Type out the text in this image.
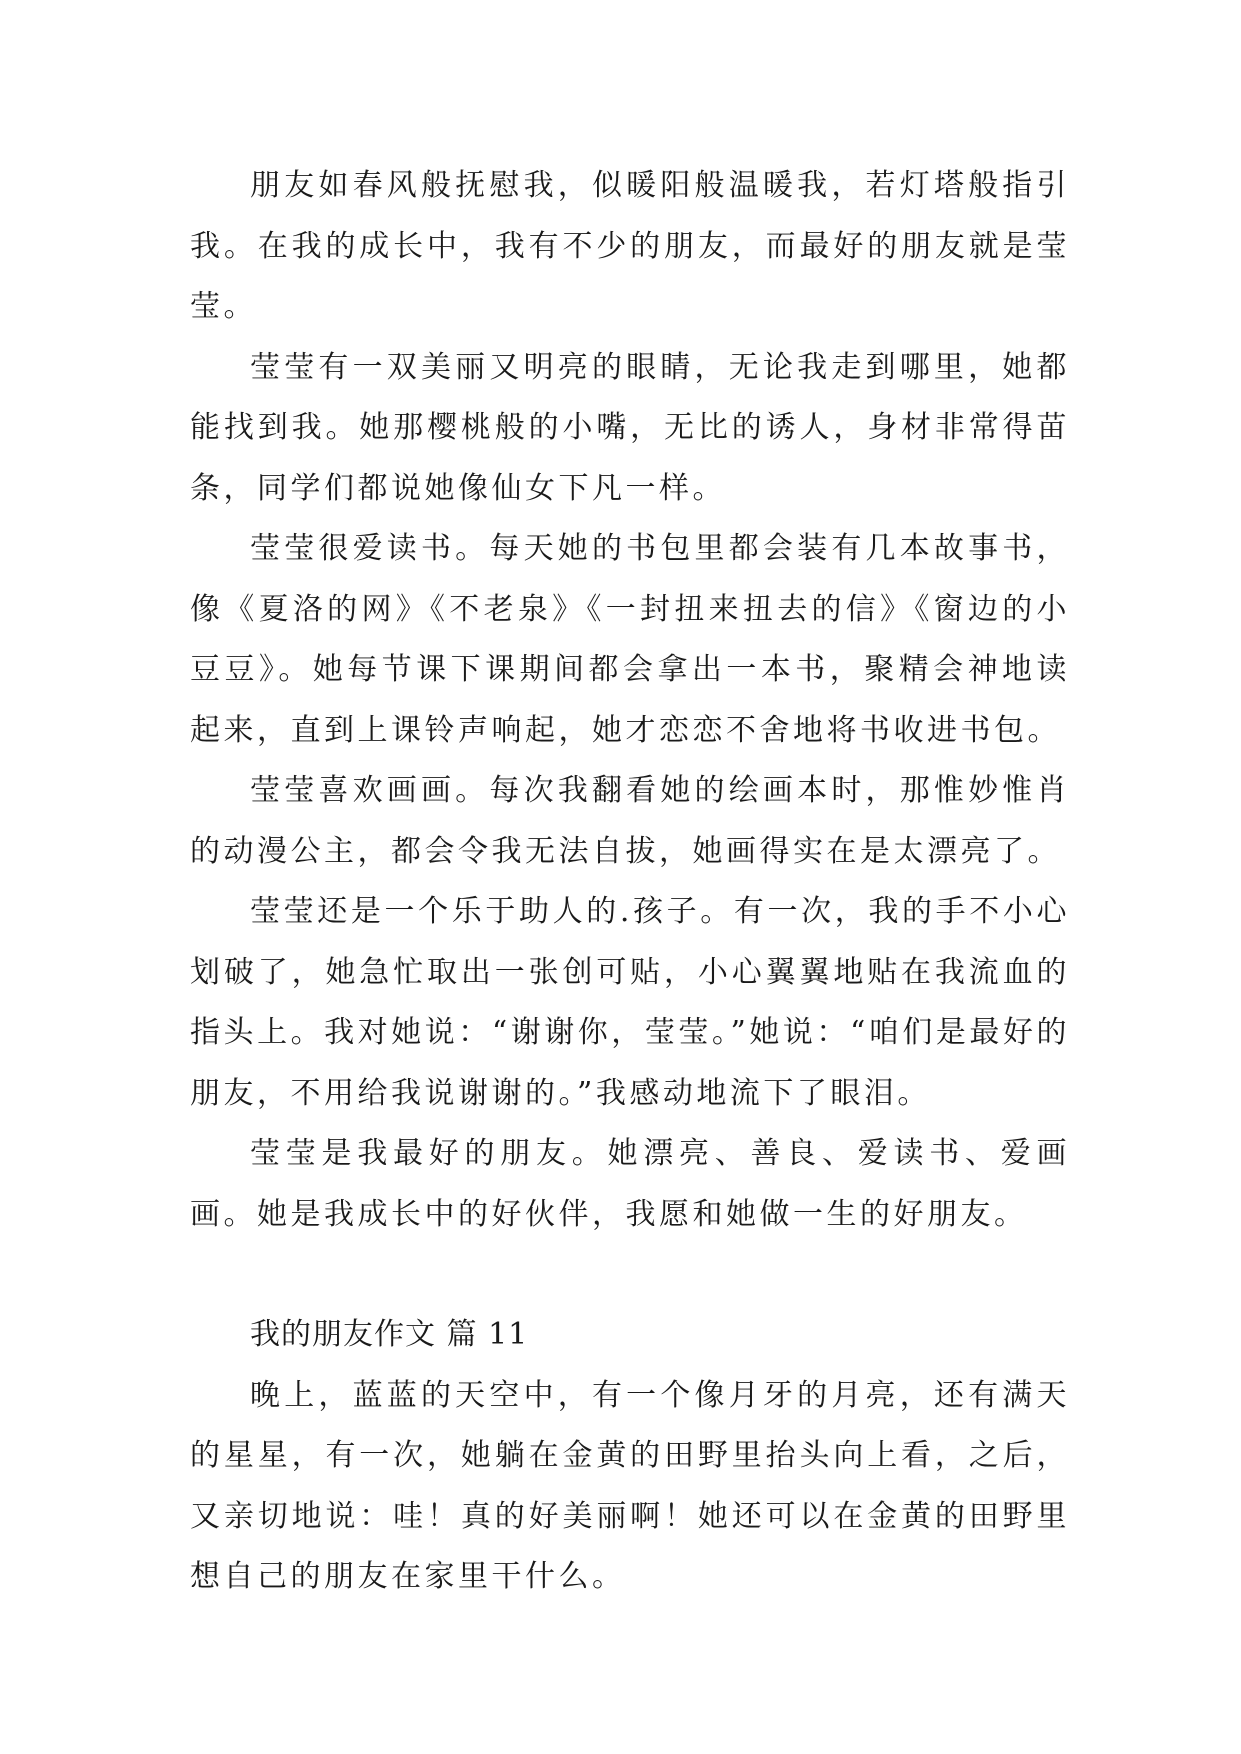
朋友如春风般抚慰我，似暖阳般温暖我，若灯塔般指引我。在我的成长中，我有不少的朋友，而最好的朋友就是莹莹。

莹莹有一双美丽又明亮的眼睛，无论我走到哪里，她都能找到我。她那樱桃般的小嘴，无比的诱人，身材非常得苗条，同学们都说她像仙女下凡一样。

莹莹很爱读书。每天她的书包里都会装有几本故事书，像《夏洛的网》《不老泉》《一封扭来扭去的信》《窗边的小豆豆》。她每节课下课期间都会拿出一本书，聚精会神地读起来，直到上课铃声响起，她才恋恋不舍地将书收进书包。

莹莹喜欢画画。每次我翻看她的绘画本时，那惟妙惟肖的动漫公主，都会令我无法自拔，她画得实在是太漂亮了。

莹莹还是一个乐于助人的.孩子。有一次，我的手不小心划破了，她急忙取出一张创可贴，小心翼翼地贴在我流血的指头上。我对她说：“谢谢你，莹莹。”她说：“咱们是最好的朋友，不用给我说谢谢的。”我感动地流下了眼泪。

莹莹是我最好的朋友。她漂亮、善良、爱读书、爱画画。她是我成长中的好伙伴，我愿和她做一生的好朋友。

我的朋友作文 篇 11

晚上，蓝蓝的天空中，有一个像月牙的月亮，还有满天的星星，有一次，她躺在金黄的田野里抬头向上看，之后，又亲切地说：哇！真的好美丽啊！她还可以在金黄的田野里想自己的朋友在家里干什么。
